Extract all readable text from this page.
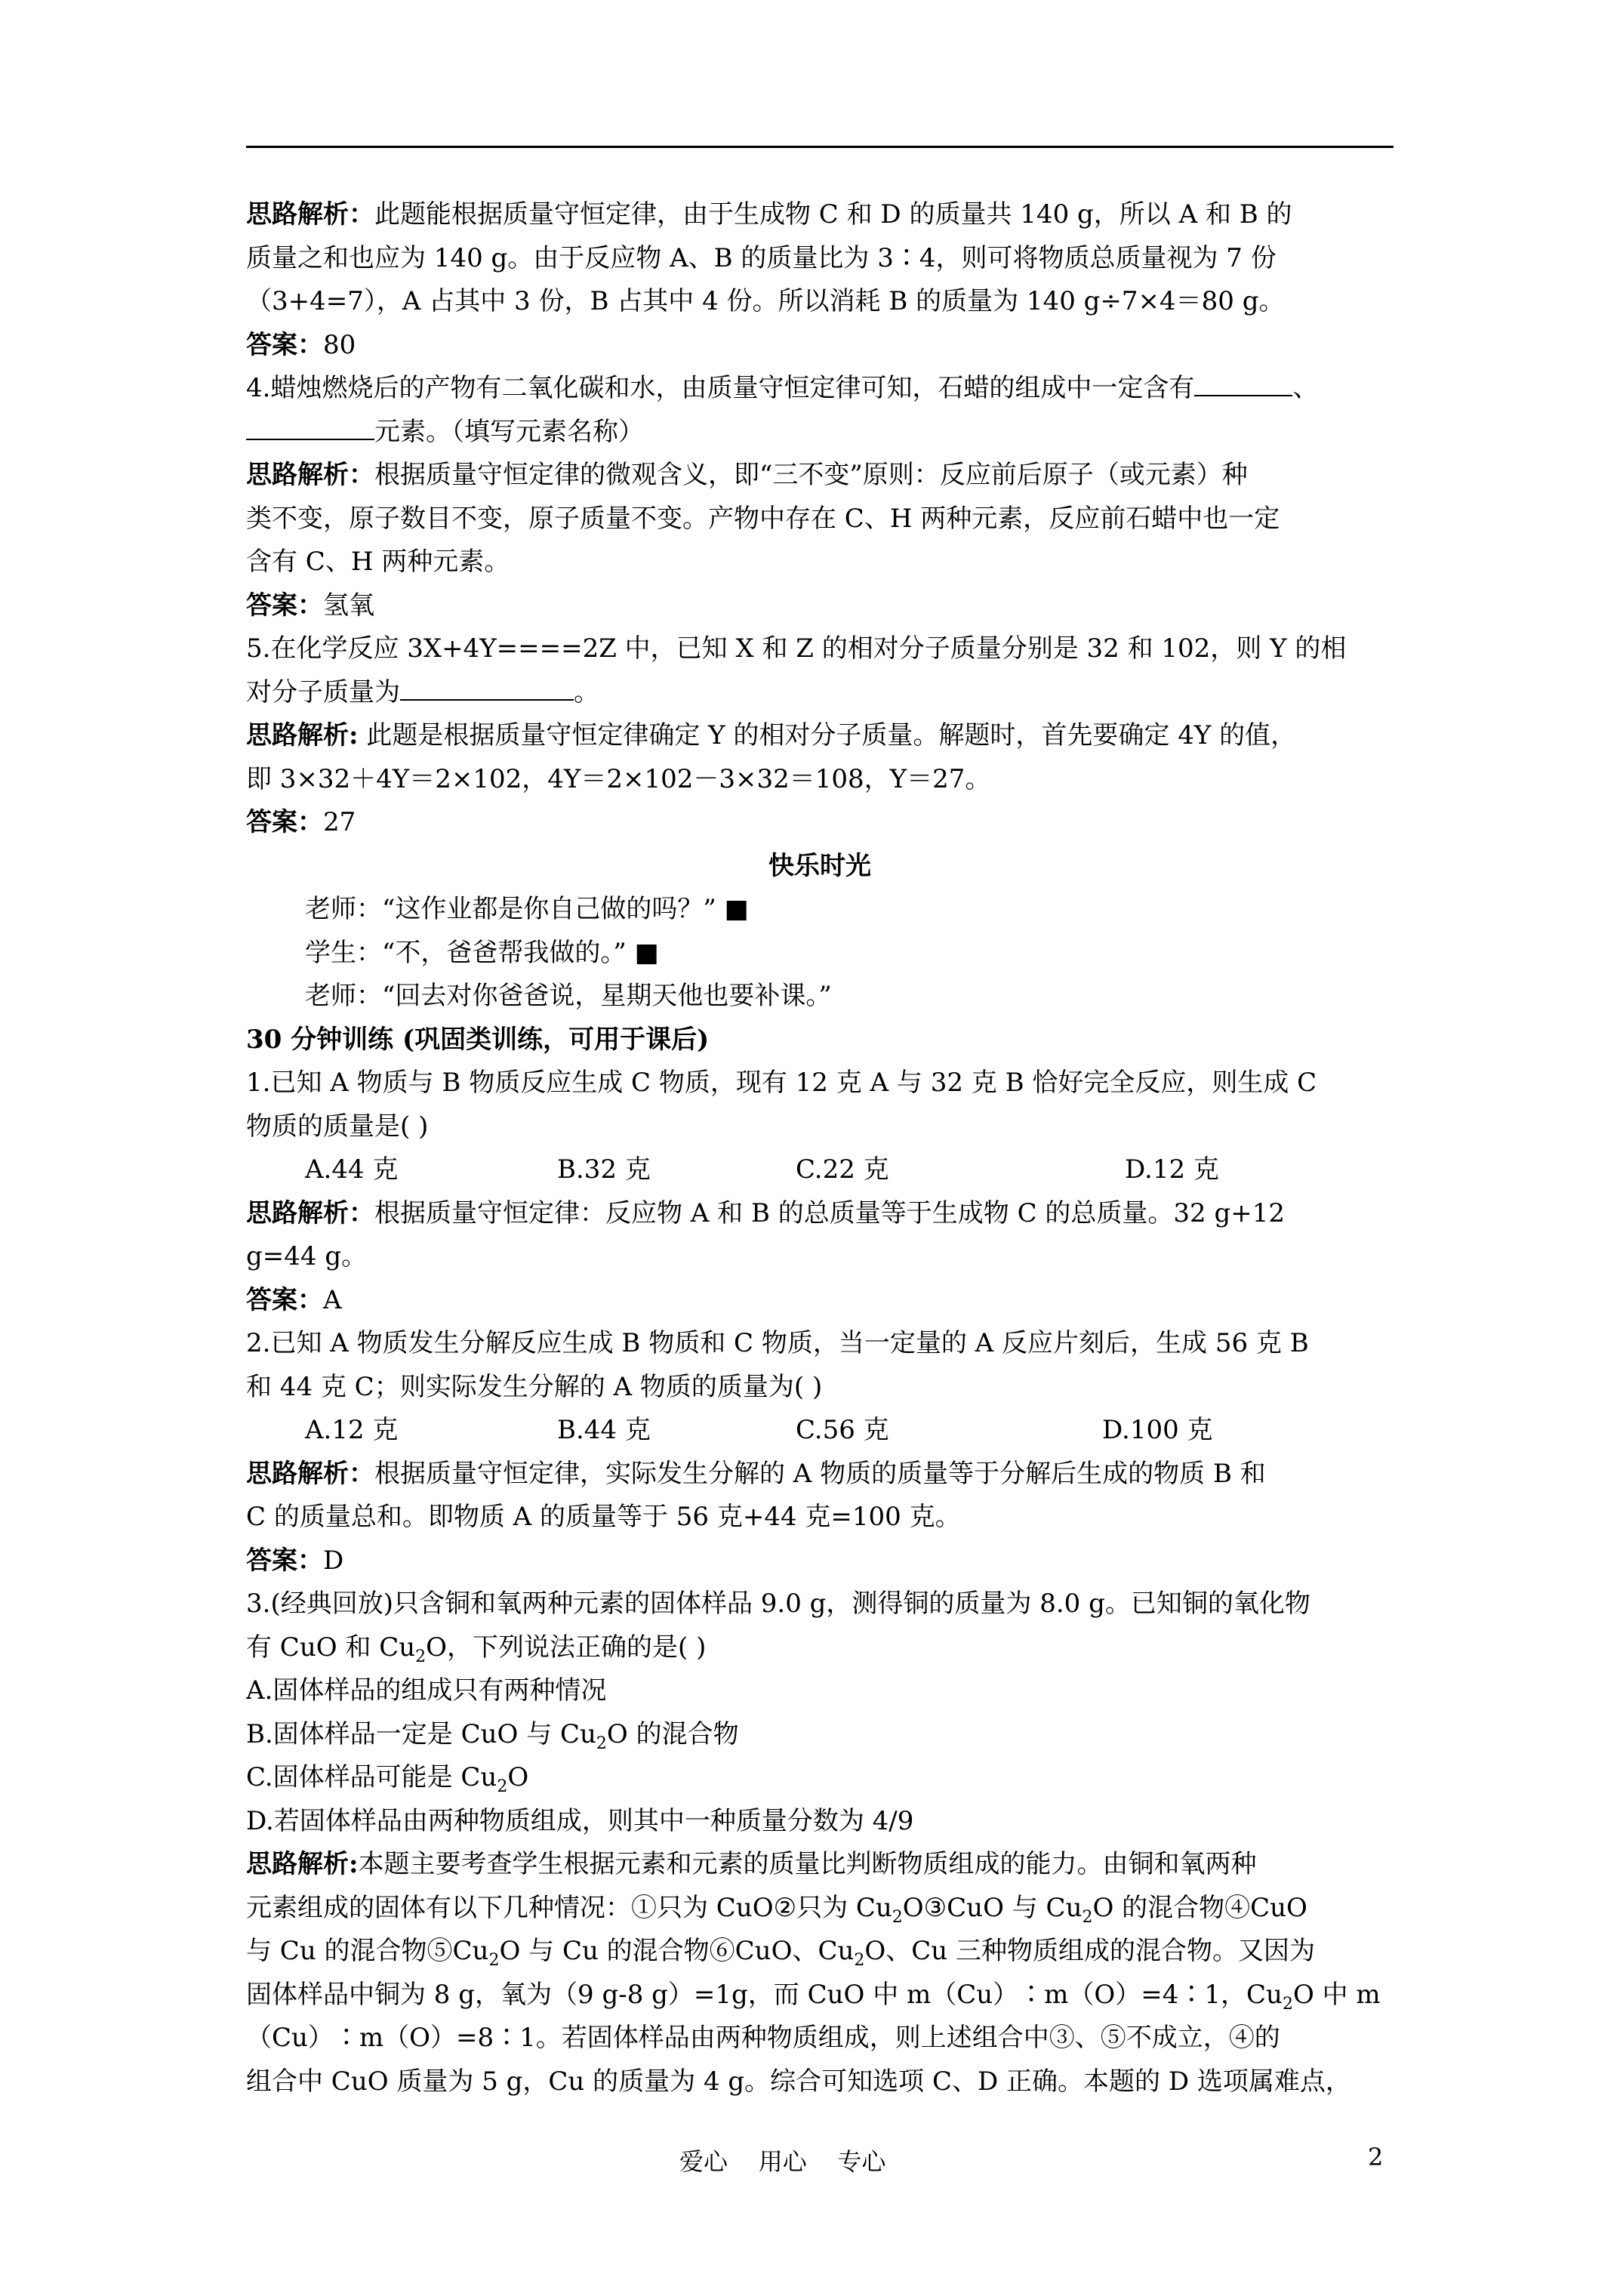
思路解析：此题能根据质量守恒定律，由于生成物 C 和 D 的质量共 140 g，所以 A 和 B 的
质量之和也应为 140 g。由于反应物 A、B 的质量比为 3∶4，则可将物质总质量视为 7 份
（3+4=7），A 占其中 3 份，B 占其中 4 份。所以消耗 B 的质量为 140 g÷7×4＝80 g。
答案：80
4.蜡烛燃烧后的产物有二氧化碳和水，由质量守恒定律可知，石蜡的组成中一定含有	、
元素。（填写元素名称）
思路解析：根据质量守恒定律的微观含义，即“三不变”原则：反应前后原子（或元素）种
类不变，原子数目不变，原子质量不变。产物中存在 C、H 两种元素，反应前石蜡中也一定
含有 C、H 两种元素。
答案：氢氧
5.在化学反应 3X+4Y====2Z 中，已知 X 和 Z 的相对分子质量分别是 32 和 102，则 Y 的相
对分子质量为	。
思路解析: 此题是根据质量守恒定律确定 Y 的相对分子质量。解题时，首先要确定 4Y 的值，
即 3×32＋4Y＝2×102，4Y＝2×102－3×32＝108，Y＝27。
答案：27
快乐时光
老师：“这作业都是你自己做的吗？” ■
学生：“不，爸爸帮我做的。” ■
老师：“回去对你爸爸说，星期天他也要补课。”
30 分钟训练 (巩固类训练，可用于课后)
1.已知 A 物质与 B 物质反应生成 C 物质，现有 12 克 A 与 32 克 B 恰好完全反应，则生成 C
物质的质量是( )
A.44 克	B.32 克	C.22 克	D.12 克
思路解析：根据质量守恒定律：反应物 A 和 B 的总质量等于生成物 C 的总质量。32 g+12
g=44 g。
答案：A
2.已知 A 物质发生分解反应生成 B 物质和 C 物质，当一定量的 A 反应片刻后，生成 56 克 B
和 44 克 C；则实际发生分解的 A 物质的质量为( )
A.12 克	B.44 克	C.56 克	D.100 克
思路解析：根据质量守恒定律，实际发生分解的 A 物质的质量等于分解后生成的物质 B 和
C 的质量总和。即物质 A 的质量等于 56 克+44 克=100 克。
答案：D
3.(经典回放)只含铜和氧两种元素的固体样品 9.0 g，测得铜的质量为 8.0 g。已知铜的氧化物
有 CuO 和 $Cu_2O$，下列说法正确的是( )
A.固体样品的组成只有两种情况
B.固体样品一定是 CuO 与 $Cu_2O$ 的混合物
C.固体样品可能是 $Cu_2O$
D.若固体样品由两种物质组成，则其中一种质量分数为 4/9
思路解析:本题主要考查学生根据元素和元素的质量比判断物质组成的能力。由铜和氧两种
元素组成的固体有以下几种情况：①只为 CuO②只为 $Cu_2O③CuO$ 与 $Cu_2O$ 的混合物④CuO
与 Cu 的混合物$⑤Cu_2O$ 与 Cu 的混合物⑥CuO、$Cu_2O$、Cu 三种物质组成的混合物。又因为
固体样品中铜为 8 g，氧为（9 g-8 g）=1g，而 CuO 中 m（Cu）∶m（O）=4∶1，$Cu_2O$ 中 m
（Cu）∶m（O）=8∶1。若固体样品由两种物质组成，则上述组合中③、⑤不成立，④的
组合中 CuO 质量为 5 g，Cu 的质量为 4 g。综合可知选项 C、D 正确。本题的 D 选项属难点，
爱心    用心    专心	2
